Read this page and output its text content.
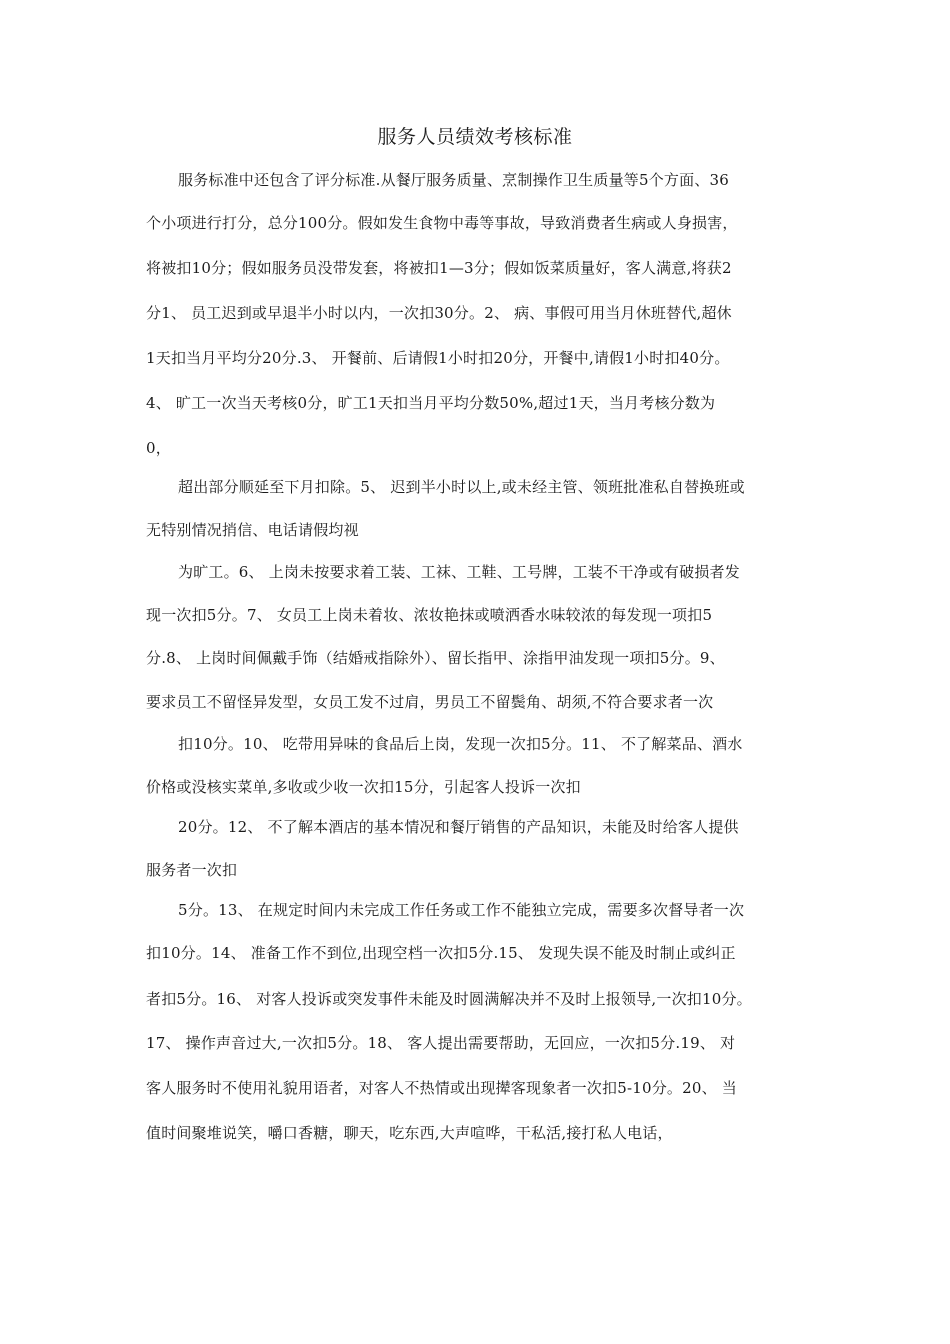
服务人员绩效考核标准
服务标准中还包含了评分标准.从餐厅服务质量、烹制操作卫生质量等5个方面、36
个小项进行打分，总分100分。假如发生食物中毒等事故，导致消费者生病或人身损害，
将被扣10分；假如服务员没带发套，将被扣1—3分；假如饭菜质量好，客人满意,将获2
分1、 员工迟到或早退半小时以内，一次扣30分。2、 病、事假可用当月休班替代,超休
1天扣当月平均分20分.3、 开餐前、后请假1小时扣20分，开餐中,请假1小时扣40分。
4、 旷工一次当天考核0分，旷工1天扣当月平均分数50%,超过1天，当月考核分数为
0，
超出部分顺延至下月扣除。5、 迟到半小时以上,或未经主管、领班批准私自替换班或
无特别情况捎信、电话请假均视
为旷工。6、 上岗未按要求着工装、工袜、工鞋、工号牌，工装不干净或有破损者发
现一次扣5分。7、 女员工上岗未着妆、浓妆艳抹或喷洒香水味较浓的每发现一项扣5
分.8、 上岗时间佩戴手饰（结婚戒指除外）、留长指甲、涂指甲油发现一项扣5分。9、
要求员工不留怪异发型，女员工发不过肩，男员工不留鬓角、胡须,不符合要求者一次
扣10分。10、 吃带用异味的食品后上岗，发现一次扣5分。11、 不了解菜品、酒水
价格或没核实菜单,多收或少收一次扣15分，引起客人投诉一次扣
20分。12、 不了解本酒店的基本情况和餐厅销售的产品知识，未能及时给客人提供
服务者一次扣
5分。13、 在规定时间内未完成工作任务或工作不能独立完成，需要多次督导者一次
扣10分。14、 准备工作不到位,出现空档一次扣5分.15、 发现失误不能及时制止或纠正
者扣5分。16、 对客人投诉或突发事件未能及时圆满解决并不及时上报领导,一次扣10分。
17、 操作声音过大,一次扣5分。18、 客人提出需要帮助，无回应，一次扣5分.19、 对
客人服务时不使用礼貌用语者，对客人不热情或出现撵客现象者一次扣5-10分。20、 当
值时间聚堆说笑，嚼口香糖，聊天，吃东西,大声喧哗，干私活,接打私人电话，
